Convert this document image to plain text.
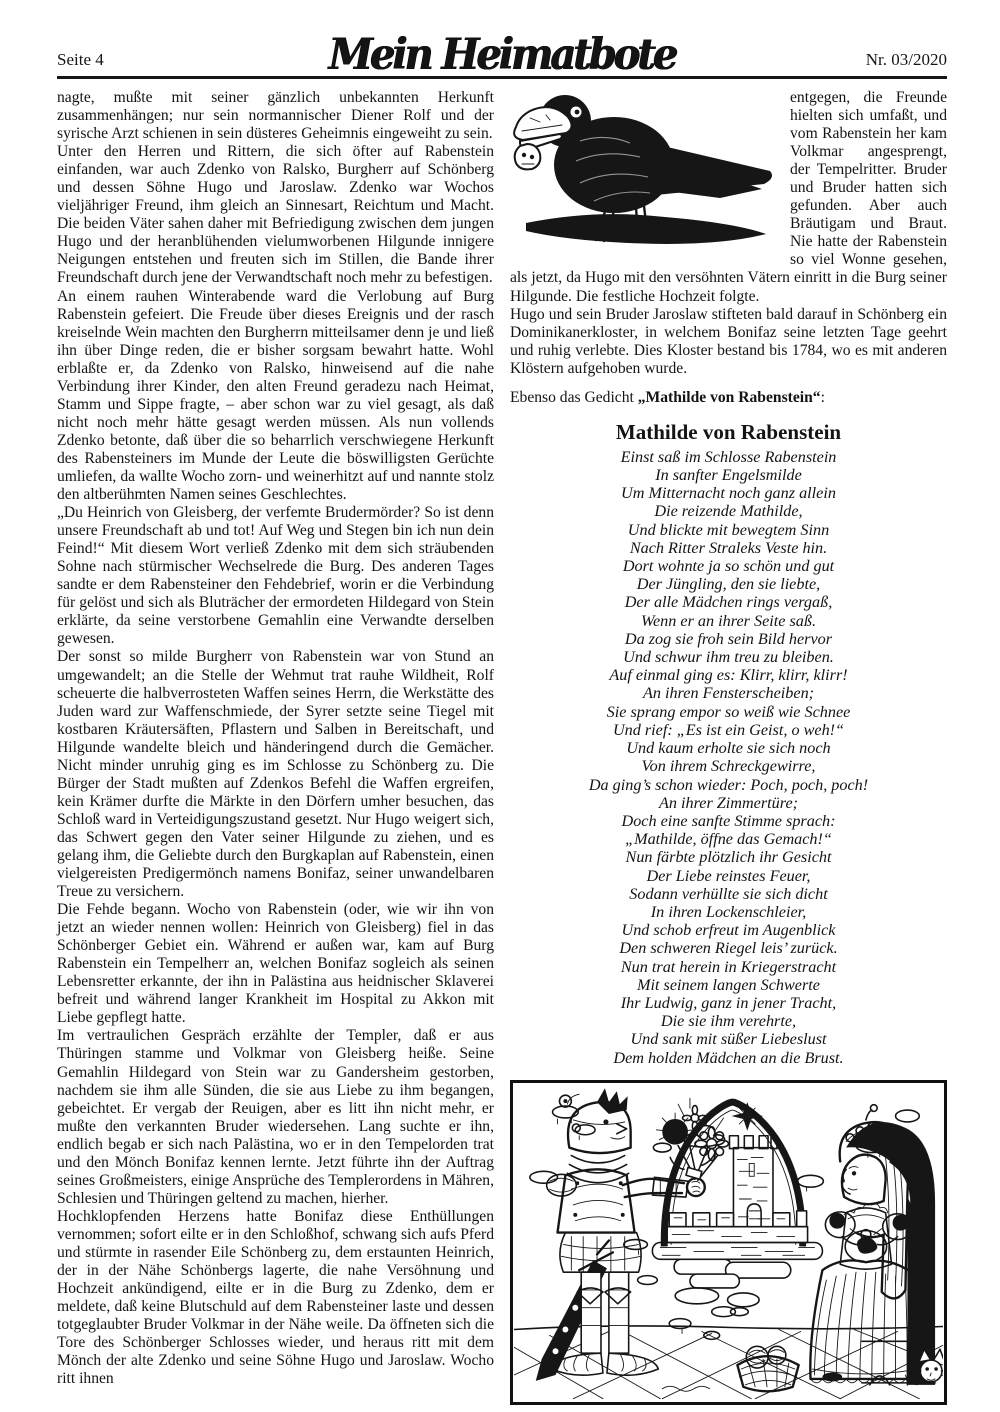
Seite 4	Mein Heimatbote	Nr. 03/2020
nagte, mußte mit seiner gänzlich unbekannten Herkunft zusammenhängen; nur sein normannischer Diener Rolf und der syrische Arzt schienen in sein düsteres Geheimnis eingeweiht zu sein.
Unter den Herren und Rittern, die sich öfter auf Rabenstein einfanden, war auch Zdenko von Ralsko, Burgherr auf Schönberg und dessen Söhne Hugo und Jaroslaw. Zdenko war Wochos vieljähriger Freund, ihm gleich an Sinnesart, Reichtum und Macht. Die beiden Väter sahen daher mit Befriedigung zwischen dem jungen Hugo und der heranblühenden vielumworbenen Hilgunde innigere Neigungen entstehen und freuten sich im Stillen, die Bande ihrer Freundschaft durch jene der Verwandtschaft noch mehr zu befestigen.
An einem rauhen Winterabende ward die Verlobung auf Burg Rabenstein gefeiert. Die Freude über dieses Ereignis und der rasch kreiselnde Wein machten den Burgherrn mitteilsamer denn je und ließ ihn über Dinge reden, die er bisher sorgsam bewahrt hatte. Wohl erblaßte er, da Zdenko von Ralsko, hinweisend auf die nahe Verbindung ihrer Kinder, den alten Freund geradezu nach Heimat, Stamm und Sippe fragte, – aber schon war zu viel gesagt, als daß nicht noch mehr hätte gesagt werden müssen. Als nun vollends Zdenko betonte, daß über die so beharrlich verschwiegene Herkunft des Rabensteiners im Munde der Leute die böswilligsten Gerüchte umliefen, da wallte Wocho zorn- und weinerhitzt auf und nannte stolz den altberühmten Namen seines Geschlechtes.
„Du Heinrich von Gleisberg, der verfemte Brudermörder? So ist denn unsere Freundschaft ab und tot! Auf Weg und Stegen bin ich nun dein Feind!“ Mit diesem Wort verließ Zdenko mit dem sich sträubenden Sohne nach stürmischer Wechselrede die Burg. Des anderen Tages sandte er dem Rabensteiner den Fehdebrief, worin er die Verbindung für gelöst und sich als Bluträcher der ermordeten Hildegard von Stein erklärte, da seine verstorbene Gemahlin eine Verwandte derselben gewesen.
Der sonst so milde Burgherr von Rabenstein war von Stund an umgewandelt; an die Stelle der Wehmut trat rauhe Wildheit, Rolf scheuerte die halbverrosteten Waffen seines Herrn, die Werkstätte des Juden ward zur Waffenschmiede, der Syrer setzte seine Tiegel mit kostbaren Kräutersäften, Pflastern und Salben in Bereitschaft, und Hilgunde wandelte bleich und händeringend durch die Gemächer. Nicht minder unruhig ging es im Schlosse zu Schönberg zu. Die Bürger der Stadt mußten auf Zdenkos Befehl die Waffen ergreifen, kein Krämer durfte die Märkte in den Dörfern umher besuchen, das Schloß ward in Verteidigungszustand gesetzt. Nur Hugo weigert sich, das Schwert gegen den Vater seiner Hilgunde zu ziehen, und es gelang ihm, die Geliebte durch den Burgkaplan auf Rabenstein, einen vielgereisten Predigermönch namens Bonifaz, seiner unwandelbaren Treue zu versichern.
Die Fehde begann. Wocho von Rabenstein (oder, wie wir ihn von jetzt an wieder nennen wollen: Heinrich von Gleisberg) fiel in das Schönberger Gebiet ein. Während er außen war, kam auf Burg Rabenstein ein Tempelherr an, welchen Bonifaz sogleich als seinen Lebensretter erkannte, der ihn in Palästina aus heidnischer Sklaverei befreit und während langer Krankheit im Hospital zu Akkon mit Liebe gepflegt hatte.
Im vertraulichen Gespräch erzählte der Templer, daß er aus Thüringen stamme und Volkmar von Gleisberg heiße. Seine Gemahlin Hildegard von Stein war zu Gandersheim gestorben, nachdem sie ihm alle Sünden, die sie aus Liebe zu ihm begangen, gebeichtet. Er vergab der Reuigen, aber es litt ihn nicht mehr, er mußte den verkannten Bruder wiedersehen. Lang suchte er ihn, endlich begab er sich nach Palästina, wo er in den Tempelorden trat und den Mönch Bonifaz kennen lernte. Jetzt führte ihn der Auftrag seines Großmeisters, einige Ansprüche des Templerordens in Mähren, Schlesien und Thüringen geltend zu machen, hierher.
Hochklopfenden Herzens hatte Bonifaz diese Enthüllungen vernommen; sofort eilte er in den Schloßhof, schwang sich aufs Pferd und stürmte in rasender Eile Schönberg zu, dem erstaunten Heinrich, der in der Nähe Schönbergs lagerte, die nahe Versöhnung und Hochzeit ankündigend, eilte er in die Burg zu Zdenko, dem er meldete, daß keine Blutschuld auf dem Rabensteiner laste und dessen totgeglaubter Bruder Volkmar in der Nähe weile. Da öffneten sich die Tore des Schönberger Schlosses wieder, und heraus ritt mit dem Mönch der alte Zdenko und seine Söhne Hugo und Jaroslaw. Wocho ritt ihnen

entgegen, die Freunde hielten sich umfaßt, und vom Rabenstein her kam Volkmar angesprengt, der Tempelritter. Bruder und Bruder hatten sich gefunden. Aber auch Bräutigam und Braut. Nie hatte der Rabenstein so viel Wonne gesehen, als jetzt, da Hugo mit den versöhnten Vätern einritt in die Burg seiner Hilgunde. Die festliche Hochzeit folgte.

Hugo und sein Bruder Jaroslaw stifteten bald darauf in Schönberg ein Dominikanerkloster, in welchem Bonifaz seine letzten Tage geehrt und ruhig verlebte. Dies Kloster bestand bis 1784, wo es mit anderen Klöstern aufgehoben wurde.

Ebenso das Gedicht „Mathilde von Rabenstein“:

Mathilde von Rabenstein
Einst saß im Schlosse Rabenstein
In sanfter Engelsmilde
Um Mitternacht noch ganz allein
Die reizende Mathilde,
Und blickte mit bewegtem Sinn
Nach Ritter Straleks Veste hin.
Dort wohnte ja so schön und gut
Der Jüngling, den sie liebte,
Der alle Mädchen rings vergaß,
Wenn er an ihrer Seite saß.
Da zog sie froh sein Bild hervor
Und schwur ihm treu zu bleiben.
Auf einmal ging es: Klirr, klirr, klirr!
An ihren Fensterscheiben;
Sie sprang empor so weiß wie Schnee
Und rief: „Es ist ein Geist, o weh!“
Und kaum erholte sie sich noch
Von ihrem Schreckgewirre,
Da ging’s schon wieder: Poch, poch, poch!
An ihrer Zimmertüre;
Doch eine sanfte Stimme sprach:
„Mathilde, öffne das Gemach!“
Nun färbte plötzlich ihr Gesicht
Der Liebe reinstes Feuer,
Sodann verhüllte sie sich dicht
In ihren Lockenschleier,
Und schob erfreut im Augenblick
Den schweren Riegel leis’ zurück.
Nun trat herein in Kriegerstracht
Mit seinem langen Schwerte
Ihr Ludwig, ganz in jener Tracht,
Die sie ihm verehrte,
Und sank mit süßer Liebeslust
Dem holden Mädchen an die Brust.
